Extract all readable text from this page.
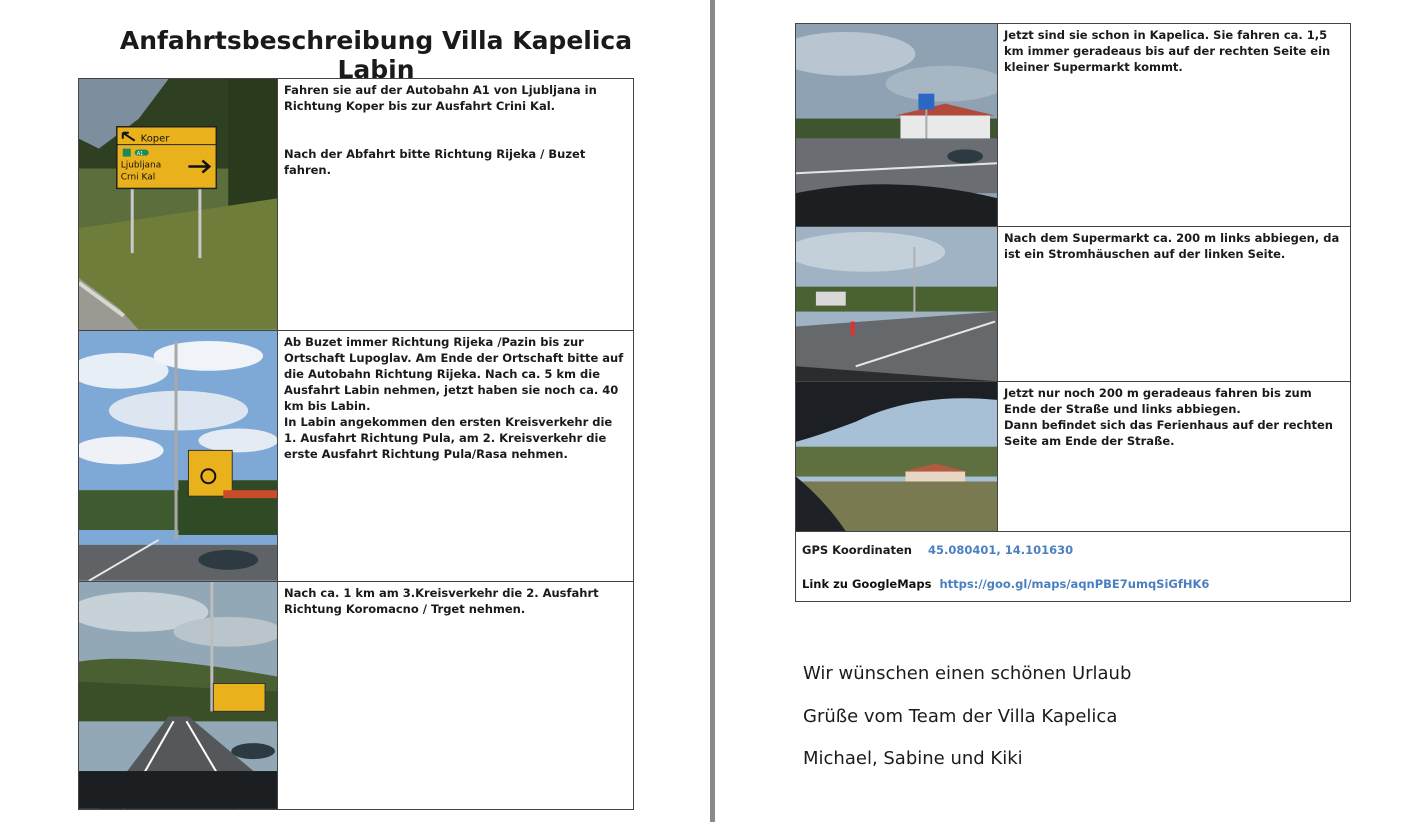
Anfahrtsbeschreibung Villa Kapelica Labin
Koper
A1
Ljubljana
Crni Kal	Fahren sie auf der Autobahn A1 von Ljubljana in Richtung Koper bis zur Ausfahrt Crini Kal.

Nach der Abfahrt bitte Richtung Rijeka / Buzet fahren.

Ab Buzet immer Richtung Rijeka /Pazin bis zur Ortschaft Lupoglav. Am Ende der Ortschaft bitte auf die Autobahn Richtung Rijeka. Nach ca. 5 km die Ausfahrt Labin nehmen, jetzt haben sie noch ca. 40 km bis Labin.
In Labin angekommen den ersten Kreisverkehr die 1. Ausfahrt Richtung Pula, am 2. Kreisverkehr die erste Ausfahrt Richtung Pula/Rasa nehmen.

Nach ca. 1 km am 3.Kreisverkehr die 2. Ausfahrt Richtung Koromacno / Trget nehmen.

Jetzt sind sie schon in Kapelica. Sie fahren ca. 1,5 km immer geradeaus bis auf der rechten Seite ein kleiner Supermarkt kommt.

Nach dem Supermarkt ca. 200 m links abbiegen, da ist ein Stromhäuschen auf der linken Seite.

Jetzt nur noch 200 m geradeaus fahren bis zum Ende der Straße und links abbiegen.
Dann befindet sich das Ferienhaus auf der rechten Seite am Ende der Straße.

GPS Koordinaten 45.080401, 14.101630
Link zu GoogleMaps https://goo.gl/maps/aqnPBE7umqSiGfHK6	

Wir wünschen einen schönen Urlaub

Grüße vom Team der Villa Kapelica

Michael, Sabine und Kiki
